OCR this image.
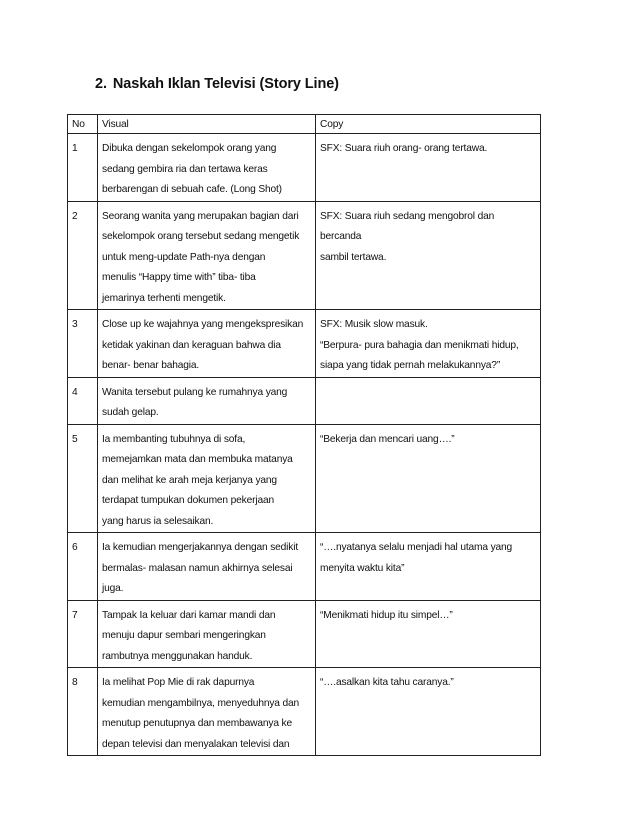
2. Naskah Iklan Televisi (Story Line)
No	Visual	Copy
1	Dibuka dengan sekelompok orang yang
sedang gembira ria dan tertawa keras
berbarengan di sebuah cafe. (Long Shot)	SFX: Suara riuh orang- orang tertawa.

2	Seorang wanita yang merupakan bagian dari
sekelompok orang tersebut sedang mengetik
untuk meng-update Path-nya dengan
menulis “Happy time with” tiba- tiba
jemarinya terhenti mengetik.	SFX: Suara riuh sedang mengobrol dan bercanda
sambil tertawa.

3	Close up ke wajahnya yang mengekspresikan
ketidak yakinan dan keraguan bahwa dia
benar- benar bahagia.	SFX: Musik slow masuk.
“Berpura- pura bahagia dan menikmati hidup,
siapa yang tidak pernah melakukannya?”

4	Wanita tersebut pulang ke rumahnya yang
sudah gelap.	

5	Ia membanting tubuhnya di sofa,
memejamkan mata dan membuka matanya
dan melihat ke arah meja kerjanya yang
terdapat tumpukan dokumen pekerjaan
yang harus ia selesaikan.	“Bekerja dan mencari uang….”

6	Ia kemudian mengerjakannya dengan sedikit
bermalas- malasan namun akhirnya selesai
juga.	“….nyatanya selalu menjadi hal utama yang
menyita waktu kita”

7	Tampak Ia keluar dari kamar mandi dan
menuju dapur sembari mengeringkan
rambutnya menggunakan handuk.	“Menikmati hidup itu simpel…”

8	Ia melihat Pop Mie di rak dapurnya
kemudian mengambilnya, menyeduhnya dan
menutup penutupnya dan membawanya ke
depan televisi dan menyalakan televisi dan	“….asalkan kita tahu caranya.”
